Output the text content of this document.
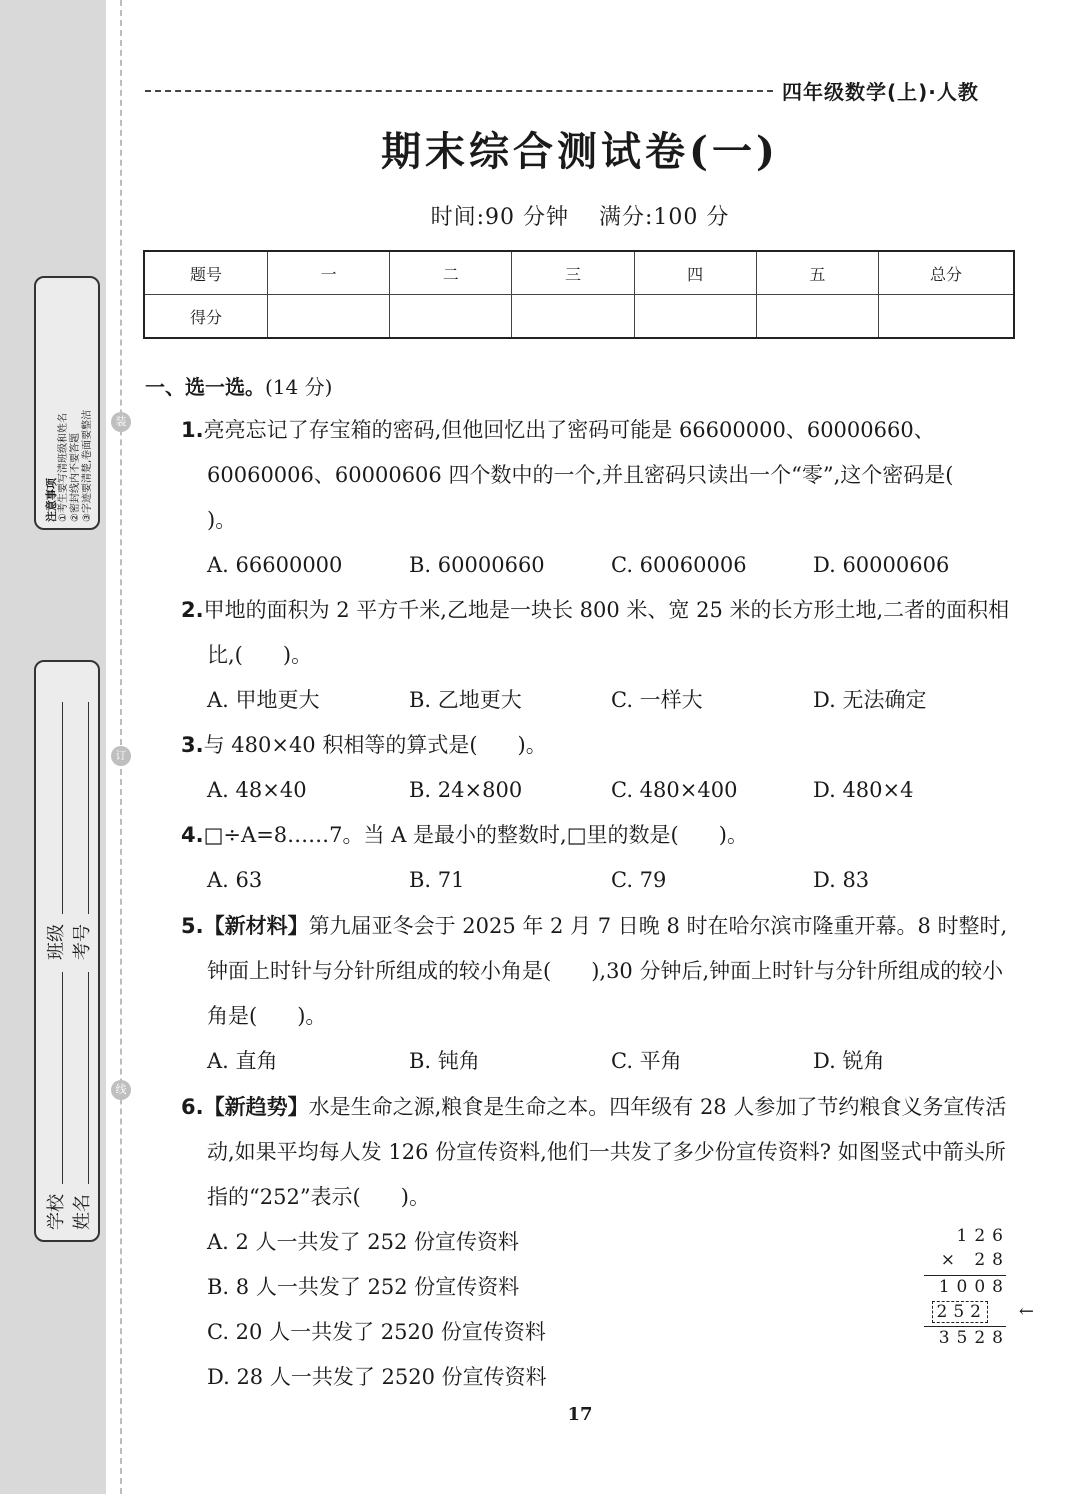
装
订
线
注意事项 ①考生要写清班级和姓名 ②密封线内不要答题 ③字迹要清楚,卷面要整洁
学校
班级
姓名
考号
四年级数学(上)·人教
期末综合测试卷(一)
时间:90 分钟 满分:100 分
题号	一	二	三	四	五	总分
得分						
一、选一选。(14 分)
1.亮亮忘记了存宝箱的密码,但他回忆出了密码可能是 66600000、60000660、60060006、60000606 四个数中的一个,并且密码只读出一个“零”,这个密码是()。
A. 66600000	B. 60000660	C. 60060006	D. 60000606
2.甲地的面积为 2 平方千米,乙地是一块长 800 米、宽 25 米的长方形土地,二者的面积相比,( )。
A. 甲地更大	B. 乙地更大	C. 一样大	D. 无法确定
3.与 480×40 积相等的算式是( )。
A. 48×40	B. 24×800	C. 480×400	D. 480×4
4.□÷A=8……7。当 A 是最小的整数时,□里的数是( )。
A. 63	B. 71	C. 79	D. 83
5.【新材料】第九届亚冬会于 2025 年 2 月 7 日晚 8 时在哈尔滨市隆重开幕。8 时整时,钟面上时针与分针所组成的较小角是( ),30 分钟后,钟面上时针与分针所组成的较小角是( )。
A. 直角	B. 钝角	C. 平角	D. 锐角
6.【新趋势】水是生命之源,粮食是生命之本。四年级有 28 人参加了节约粮食义务宣传活动,如果平均每人发 126 份宣传资料,他们一共发了多少份宣传资料? 如图竖式中箭头所指的“252”表示( )。
A. 2 人一共发了 252 份宣传资料
B. 8 人一共发了 252 份宣传资料
C. 20 人一共发了 2520 份宣传资料
D. 28 人一共发了 2520 份宣传资料
126
× 28
1008
252 ←
3528
17
